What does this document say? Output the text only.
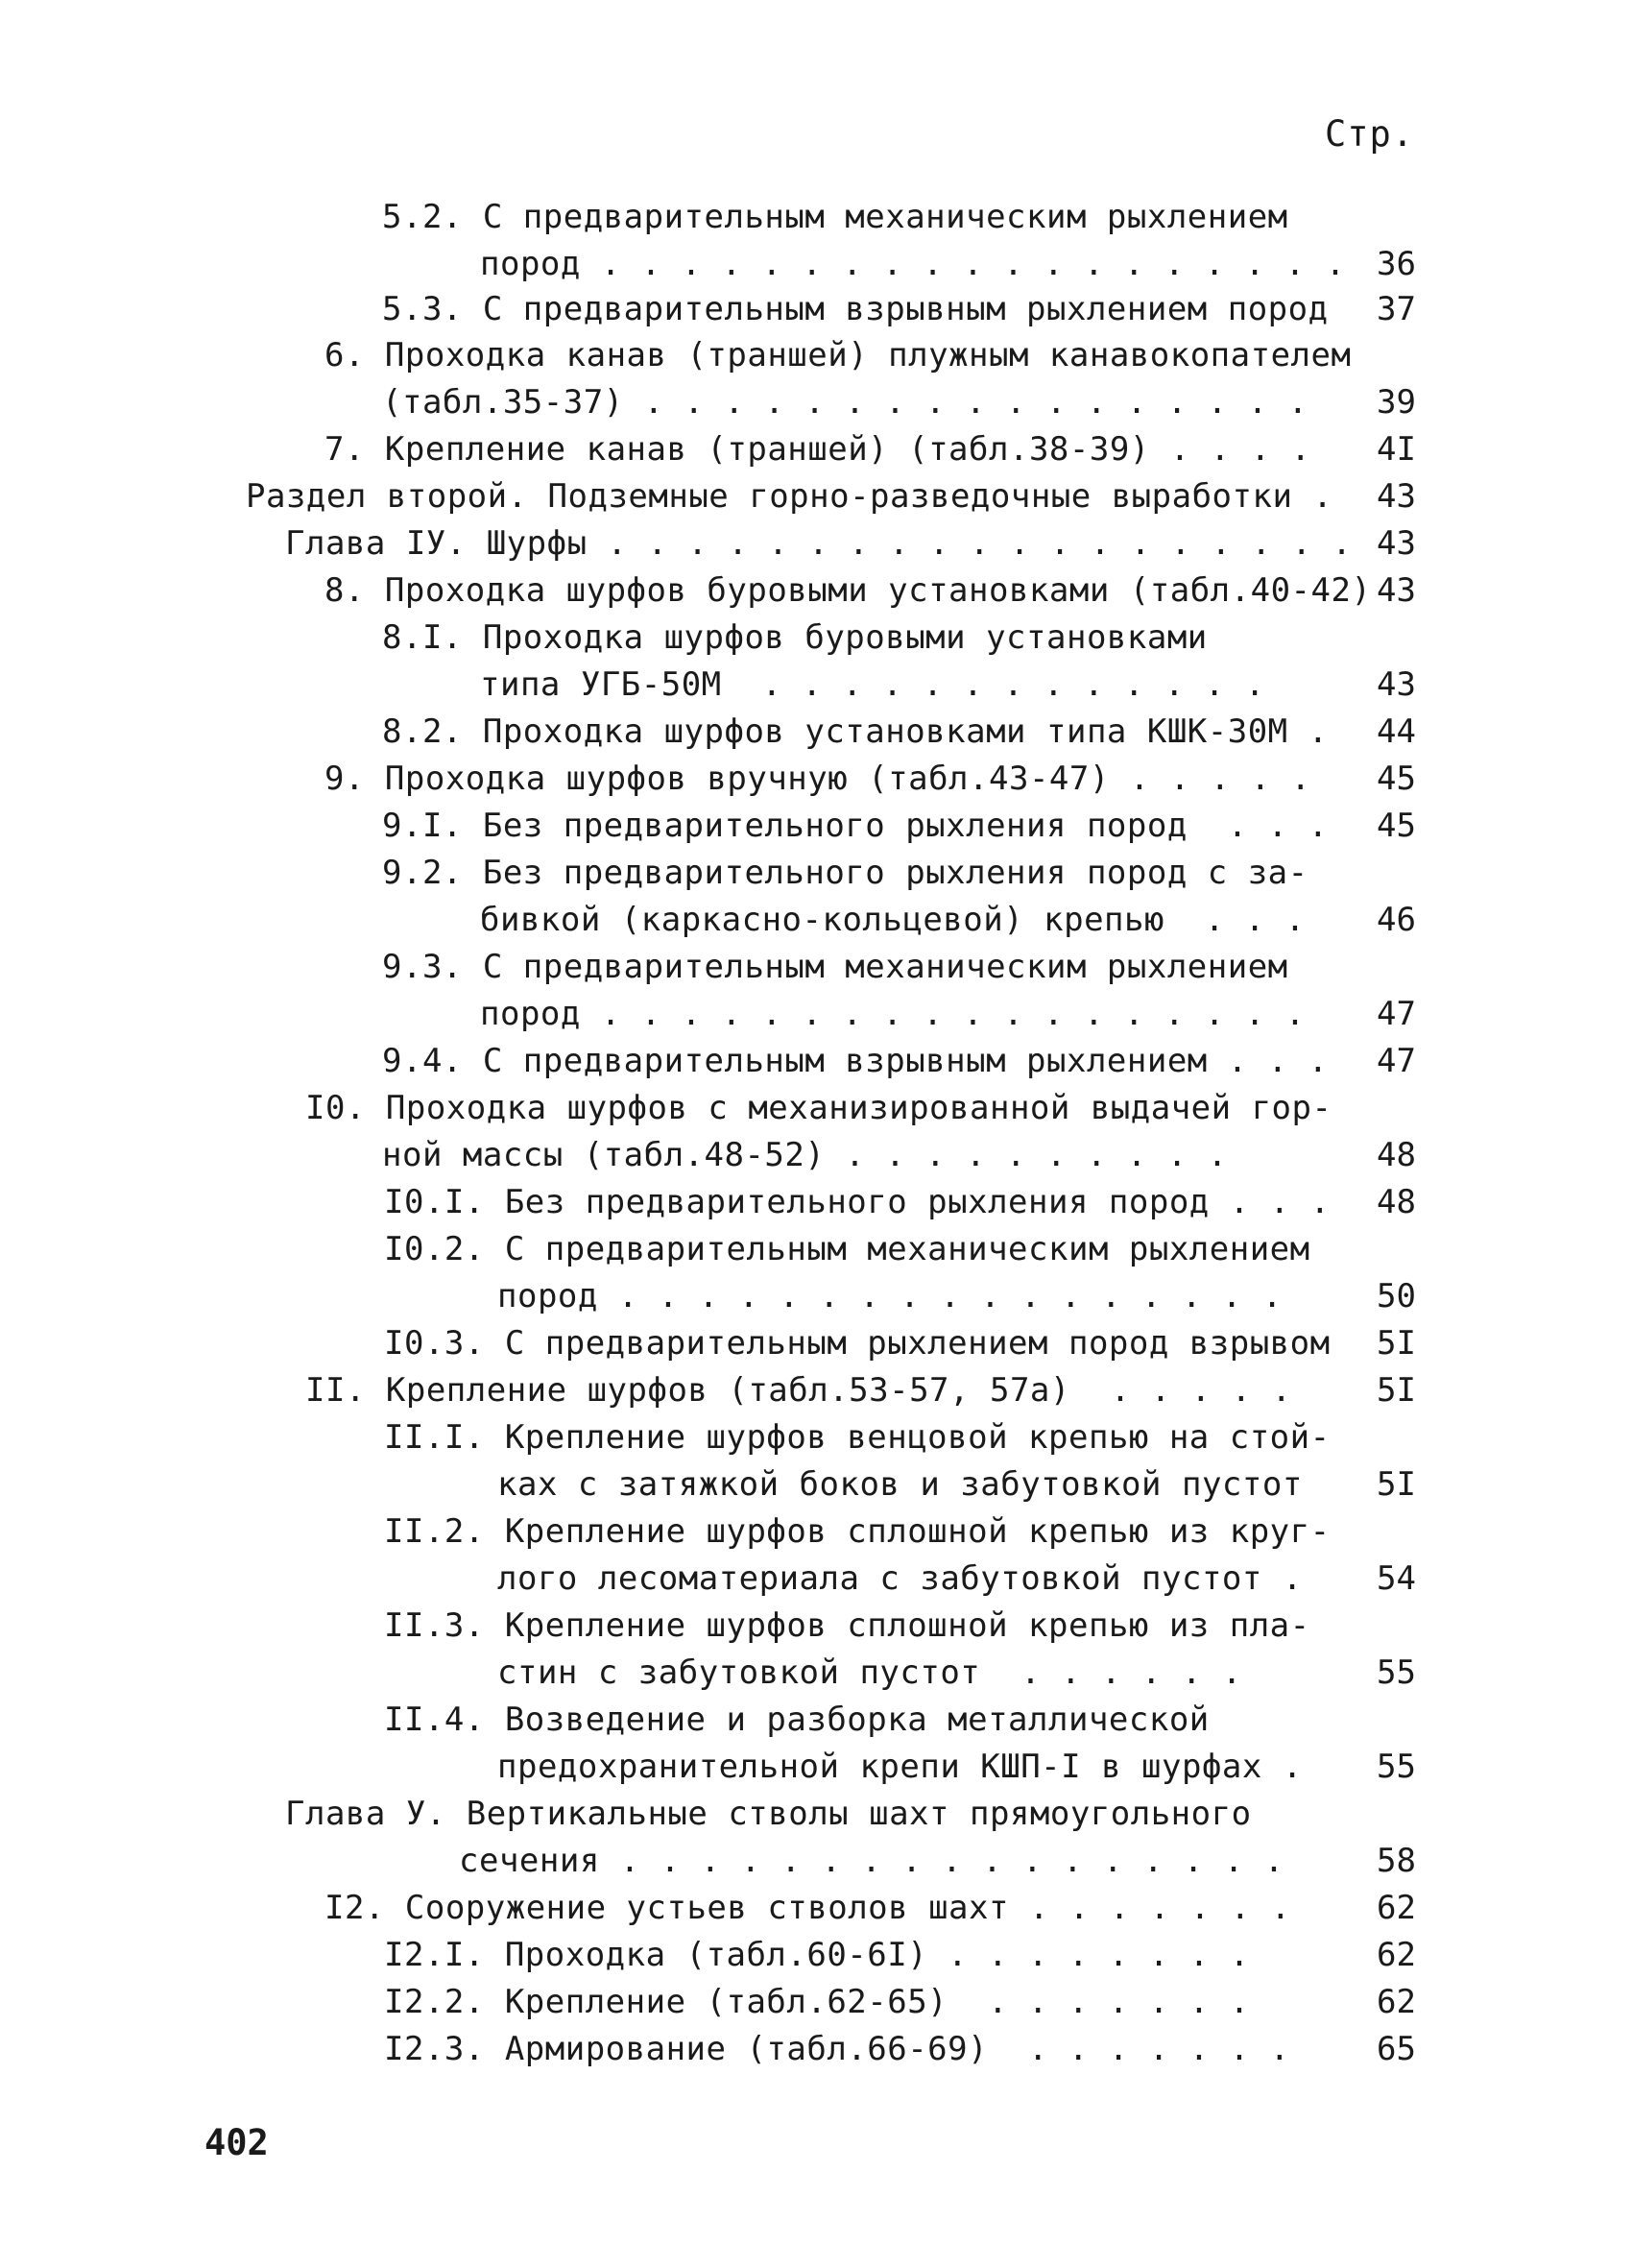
Стр.
5.2. С предварительным механическим рыхлением
пород . . . . . . . . . . . . . . . . . . . 36
5.3. С предварительным взрывным рыхлением пород	37
6. Проходка канав (траншей) плужным канавокопателем
(табл.35-37) . . . . . . . . . . . . . . . . .	39
7. Крепление канав (траншей) (табл.38-39) . . . .	4I
Раздел второй. Подземные горно-разведочные выработки .	43
Глава IУ. Шурфы . . . . . . . . . . . . . . . . . . . 43
8. Проходка шурфов буровыми установками (табл.40-42) 43
8.I. Проходка шурфов буровыми установками
типа УГБ-50М  . . . . . . . . . . . . .	43
8.2. Проходка шурфов установками типа КШК-30М .	44
9. Проходка шурфов вручную (табл.43-47) . . . . .	45
9.I. Без предварительного рыхления пород  . . .	45
9.2. Без предварительного рыхления пород с за-
бивкой (каркасно-кольцевой) крепью  . . .	46
9.3. С предварительным механическим рыхлением
пород . . . . . . . . . . . . . . . . . .	47
9.4. С предварительным взрывным рыхлением . . .	47
I0. Проходка шурфов с механизированной выдачей гор-
ной массы (табл.48-52) . . . . . . . . . .	48
I0.I. Без предварительного рыхления пород . . .	48
I0.2. С предварительным механическим рыхлением
пород . . . . . . . . . . . . . . . . .	50
I0.3. С предварительным рыхлением пород взрывом	5I
II. Крепление шурфов (табл.53-57, 57а)  . . . . .	5I
II.I. Крепление шурфов венцовой крепью на стой-
ках с затяжкой боков и забутовкой пустот	5I
II.2. Крепление шурфов сплошной крепью из круг-
лого лесоматериала с забутовкой пустот .	54
II.3. Крепление шурфов сплошной крепью из пла-
стин с забутовкой пустот  . . . . . .	55
II.4. Возведение и разборка металлической
предохранительной крепи КШП-I в шурфах .	55
Глава У. Вертикальные стволы шахт прямоугольного
сечения . . . . . . . . . . . . . . . . .	58
I2. Сооружение устьев стволов шахт . . . . . . .	62
I2.I. Проходка (табл.60-6I) . . . . . . . .	62
I2.2. Крепление (табл.62-65)  . . . . . . .	62
I2.3. Армирование (табл.66-69)  . . . . . . .	65
402
